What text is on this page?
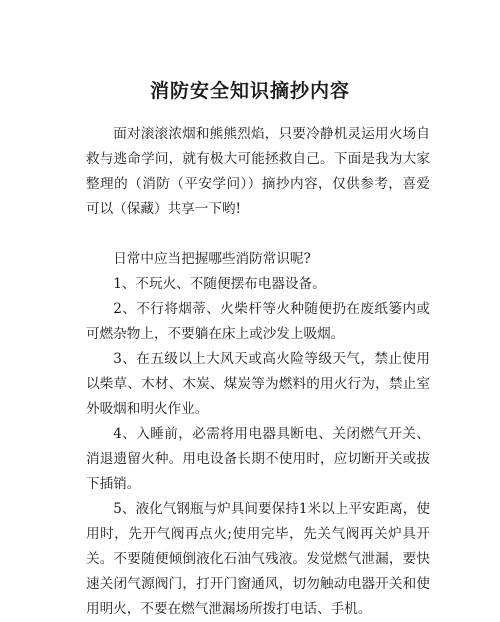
消防安全知识摘抄内容

面对滚滚浓烟和熊熊烈焰，只要冷静机灵运用火场自救与逃命学问，就有极大可能拯救自己。下面是我为大家整理的（消防（平安学问））摘抄内容，仅供参考，喜爱可以（保藏）共享一下哟!

日常中应当把握哪些消防常识呢?

1、不玩火、不随便摆布电器设备。

2、不行将烟蒂、火柴杆等火种随便扔在废纸篓内或可燃杂物上，不要躺在床上或沙发上吸烟。

3、在五级以上大风天或高火险等级天气，禁止使用以柴草、木材、木炭、煤炭等为燃料的用火行为，禁止室外吸烟和明火作业。

4、入睡前，必需将用电器具断电、关闭燃气开关、消退遗留火种。用电设备长期不使用时，应切断开关或拔下插销。

5、液化气钢瓶与炉具间要保持1米以上平安距离，使用时，先开气阀再点火;使用完毕，先关气阀再关炉具开关。不要随便倾倒液化石油气残液。发觉燃气泄漏，要快速关闭气源阀门，打开门窗通风，切勿触动电器开关和使用明火，不要在燃气泄漏场所拨打电话、手机。
